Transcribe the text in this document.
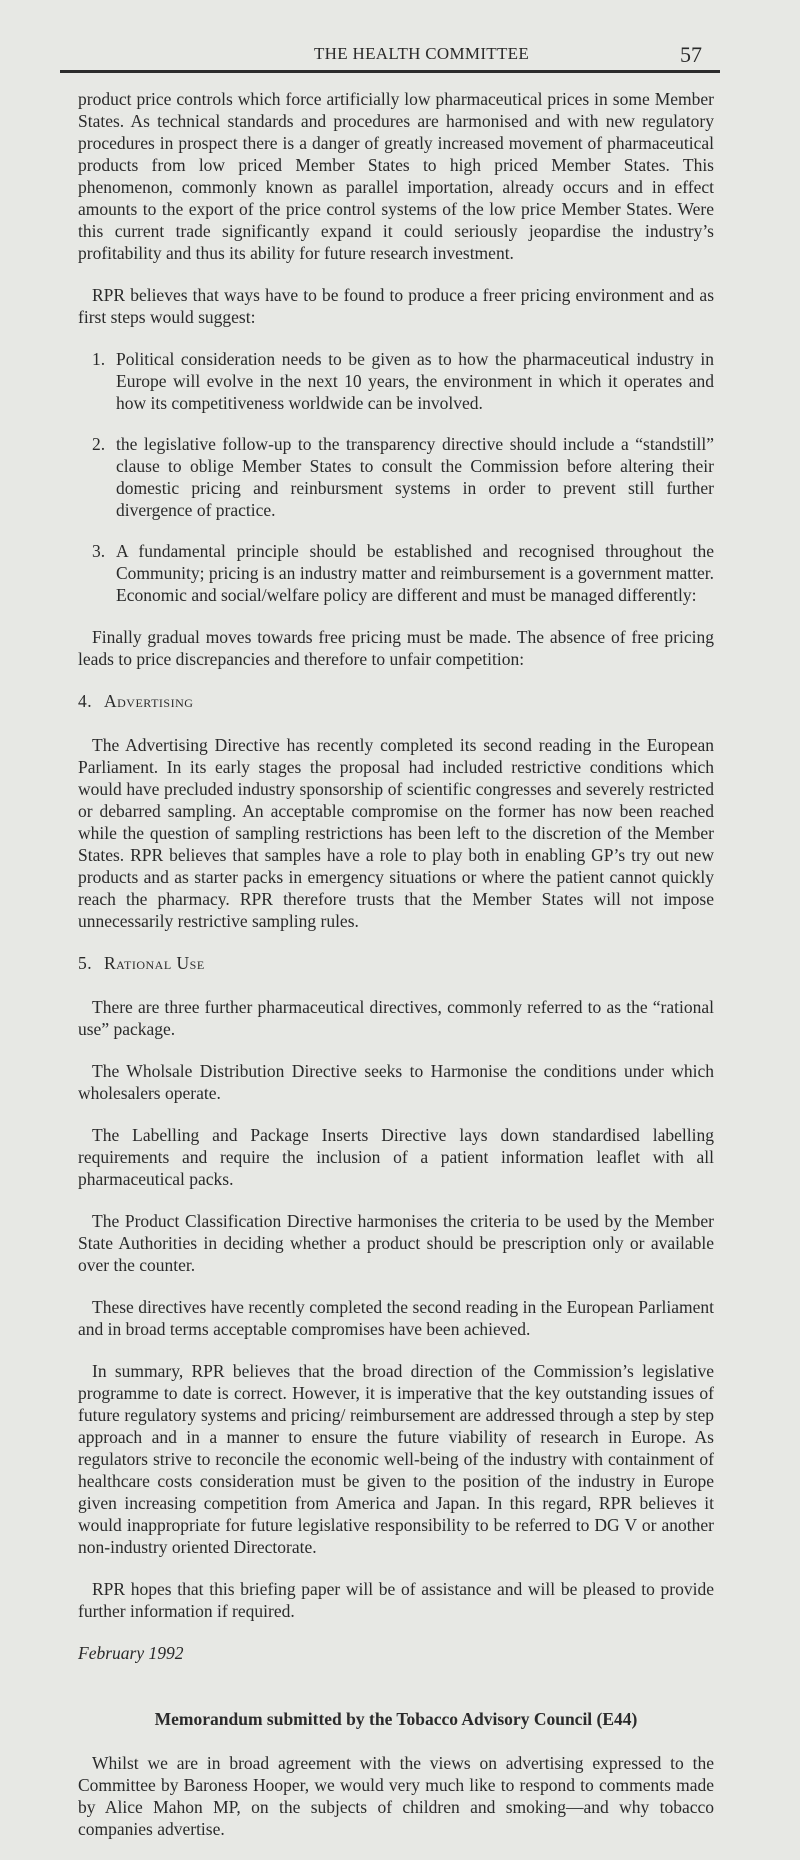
THE HEALTH COMMITTEE	57

product price controls which force artificially low pharmaceutical prices in some Member States. As technical standards and procedures are harmonised and with new regulatory procedures in prospect there is a danger of greatly increased movement of pharmaceutical products from low priced Member States to high priced Member States. This phenomenon, commonly known as parallel importation, already occurs and in effect amounts to the export of the price control systems of the low price Member States. Were this current trade significantly expand it could seriously jeopardise the industry’s profitability and thus its ability for future research investment.

RPR believes that ways have to be found to produce a freer pricing environment and as first steps would suggest:

1. Political consideration needs to be given as to how the pharmaceutical industry in Europe will evolve in the next 10 years, the environment in which it operates and how its competitiveness worldwide can be involved.
2. the legislative follow-up to the transparency directive should include a “standstill” clause to oblige Member States to consult the Commission before altering their domestic pricing and reinbursment systems in order to prevent still further divergence of practice.
3. A fundamental principle should be established and recognised throughout the Community; pricing is an industry matter and reimbursement is a government matter. Economic and social/welfare policy are different and must be managed differently:

Finally gradual moves towards free pricing must be made. The absence of free pricing leads to price discrepancies and therefore to unfair competition:

4. Advertising

The Advertising Directive has recently completed its second reading in the European Parliament. In its early stages the proposal had included restrictive conditions which would have precluded industry sponsorship of scientific congresses and severely restricted or debarred sampling. An acceptable compromise on the former has now been reached while the question of sampling restrictions has been left to the discretion of the Member States. RPR believes that samples have a role to play both in enabling GP’s try out new products and as starter packs in emergency situations or where the patient cannot quickly reach the pharmacy. RPR therefore trusts that the Member States will not impose unnecessarily restrictive sampling rules.

5. Rational Use

There are three further pharmaceutical directives, commonly referred to as the “rational use” package.

The Wholsale Distribution Directive seeks to Harmonise the conditions under which wholesalers operate.

The Labelling and Package Inserts Directive lays down standardised labelling requirements and require the inclusion of a patient information leaflet with all pharmaceutical packs.

The Product Classification Directive harmonises the criteria to be used by the Member State Authorities in deciding whether a product should be prescription only or available over the counter.

These directives have recently completed the second reading in the European Parliament and in broad terms acceptable compromises have been achieved.

In summary, RPR believes that the broad direction of the Commission’s legislative programme to date is correct. However, it is imperative that the key outstanding issues of future regulatory systems and pricing/ reimbursement are addressed through a step by step approach and in a manner to ensure the future viability of research in Europe. As regulators strive to reconcile the economic well-being of the industry with containment of healthcare costs consideration must be given to the position of the industry in Europe given increasing competition from America and Japan. In this regard, RPR believes it would inappropriate for future legislative responsibility to be referred to DG V or another non-industry oriented Directorate.

RPR hopes that this briefing paper will be of assistance and will be pleased to provide further information if required.

February 1992
Memorandum submitted by the Tobacco Advisory Council (E44)

Whilst we are in broad agreement with the views on advertising expressed to the Committee by Baroness Hooper, we would very much like to respond to comments made by Alice Mahon MP, on the subjects of children and smoking—and why tobacco companies advertise.
